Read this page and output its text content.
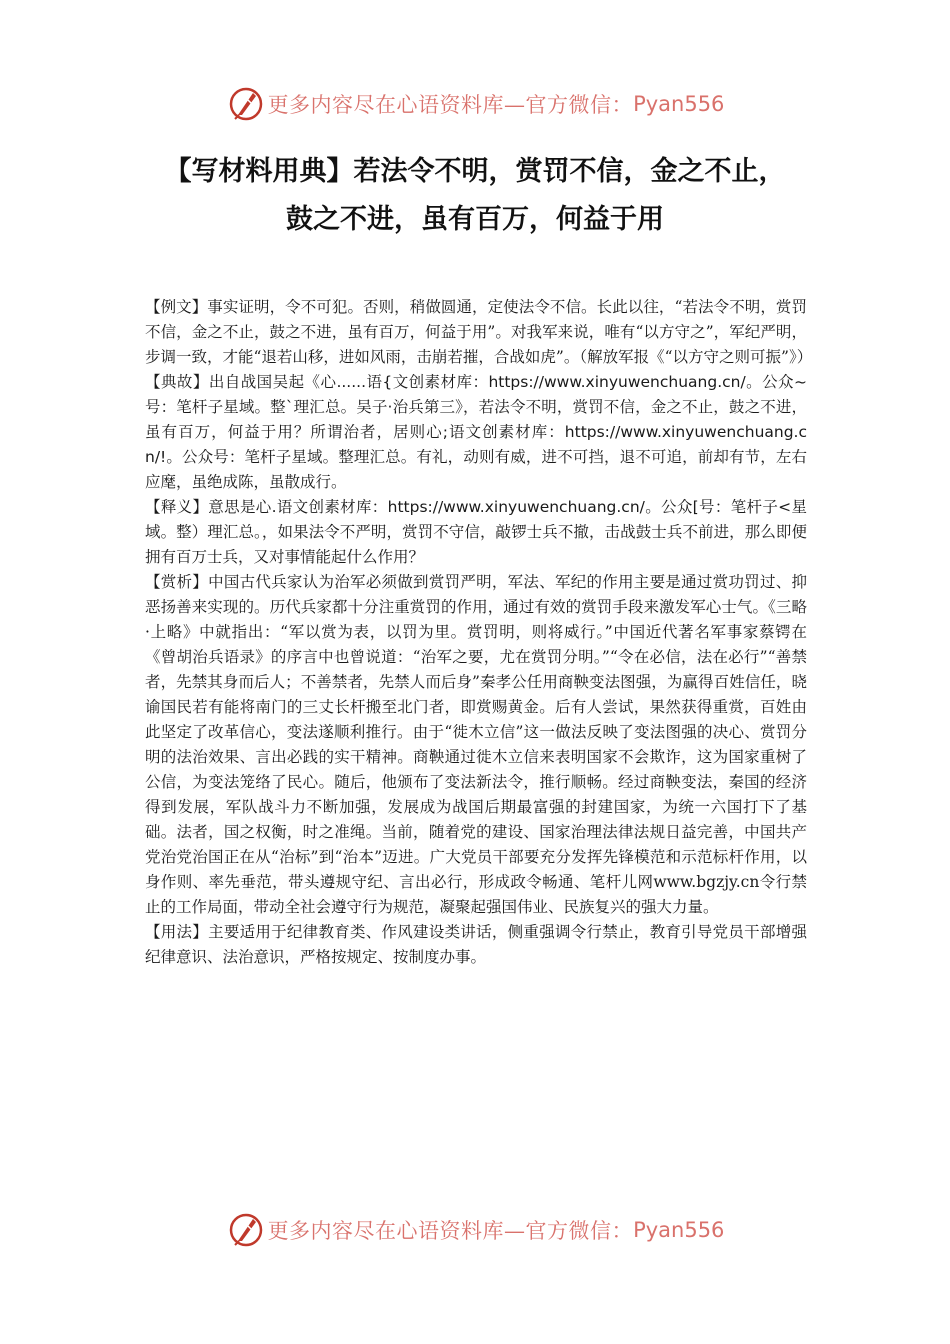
更多内容尽在心语资料库—官方微信： Pyan556
【写材料用典】若法令不明，赏罚不信，金之不止，
鼓之不进，虽有百万，何益于用

【例文】事实证明，令不可犯。否则，稍做圆通，定使法令不信。长此以往，“若法令不明，赏罚不信，金之不止，鼓之不进，虽有百万，何益于用”。对我军来说，唯有“以方守之”，军纪严明，步调一致，才能“退若山移，进如风雨，击崩若摧，合战如虎”。（解放军报《“以方守之则可振”》）

【典故】出自战国吴起《心......语{文创素材库：https://www.xinyuwenchuang.cn/。公众~号：笔杆子星域。整`理汇总。吴子·治兵第三》，若法令不明，赏罚不信，金之不止，鼓之不进，虽有百万，何益于用？所谓治者，居则心;语文创素材库：https://www.xinyuwenchuang.cn/!。公众号：笔杆子星域。整理汇总。有礼，动则有威，进不可挡，退不可追，前却有节，左右应麾，虽绝成陈，虽散成行。

【释义】意思是心.语文创素材库：https://www.xinyuwenchuang.cn/。公众[号：笔杆子<星域。整）理汇总。，如果法令不严明，赏罚不守信，敲锣士兵不撤，击战鼓士兵不前进，那么即便拥有百万士兵，又对事情能起什么作用？

【赏析】中国古代兵家认为治军必须做到赏罚严明，军法、军纪的作用主要是通过赏功罚过、抑恶扬善来实现的。历代兵家都十分注重赏罚的作用，通过有效的赏罚手段来激发军心士气。《三略·上略》中就指出：“军以赏为表，以罚为里。赏罚明，则将威行。”中国近代著名军事家蔡锷在《曾胡治兵语录》的序言中也曾说道：“治军之要，尤在赏罚分明。”“令在必信，法在必行”“善禁者，先禁其身而后人；不善禁者，先禁人而后身”秦孝公任用商鞅变法图强，为赢得百姓信任，晓谕国民若有能将南门的三丈长杆搬至北门者，即赏赐黄金。后有人尝试，果然获得重赏，百姓由此坚定了改革信心，变法遂顺利推行。由于“徙木立信”这一做法反映了变法图强的决心、赏罚分明的法治效果、言出必践的实干精神。商鞅通过徙木立信来表明国家不会欺诈，这为国家重树了公信，为变法笼络了民心。随后，他颁布了变法新法令，推行顺畅。经过商鞅变法，秦国的经济得到发展，军队战斗力不断加强，发展成为战国后期最富强的封建国家，为统一六国打下了基础。法者，国之权衡，时之准绳。当前，随着党的建设、国家治理法律法规日益完善，中国共产党治党治国正在从“治标”到“治本”迈进。广大党员干部要充分发挥先锋模范和示范标杆作用，以身作则、率先垂范，带头遵规守纪、言出必行，形成政令畅通、笔杆儿网www.bgzjy.cn令行禁止的工作局面，带动全社会遵守行为规范，凝聚起强国伟业、民族复兴的强大力量。

【用法】主要适用于纪律教育类、作风建设类讲话，侧重强调令行禁止，教育引导党员干部增强纪律意识、法治意识，严格按规定、按制度办事。

更多内容尽在心语资料库—官方微信： Pyan556
